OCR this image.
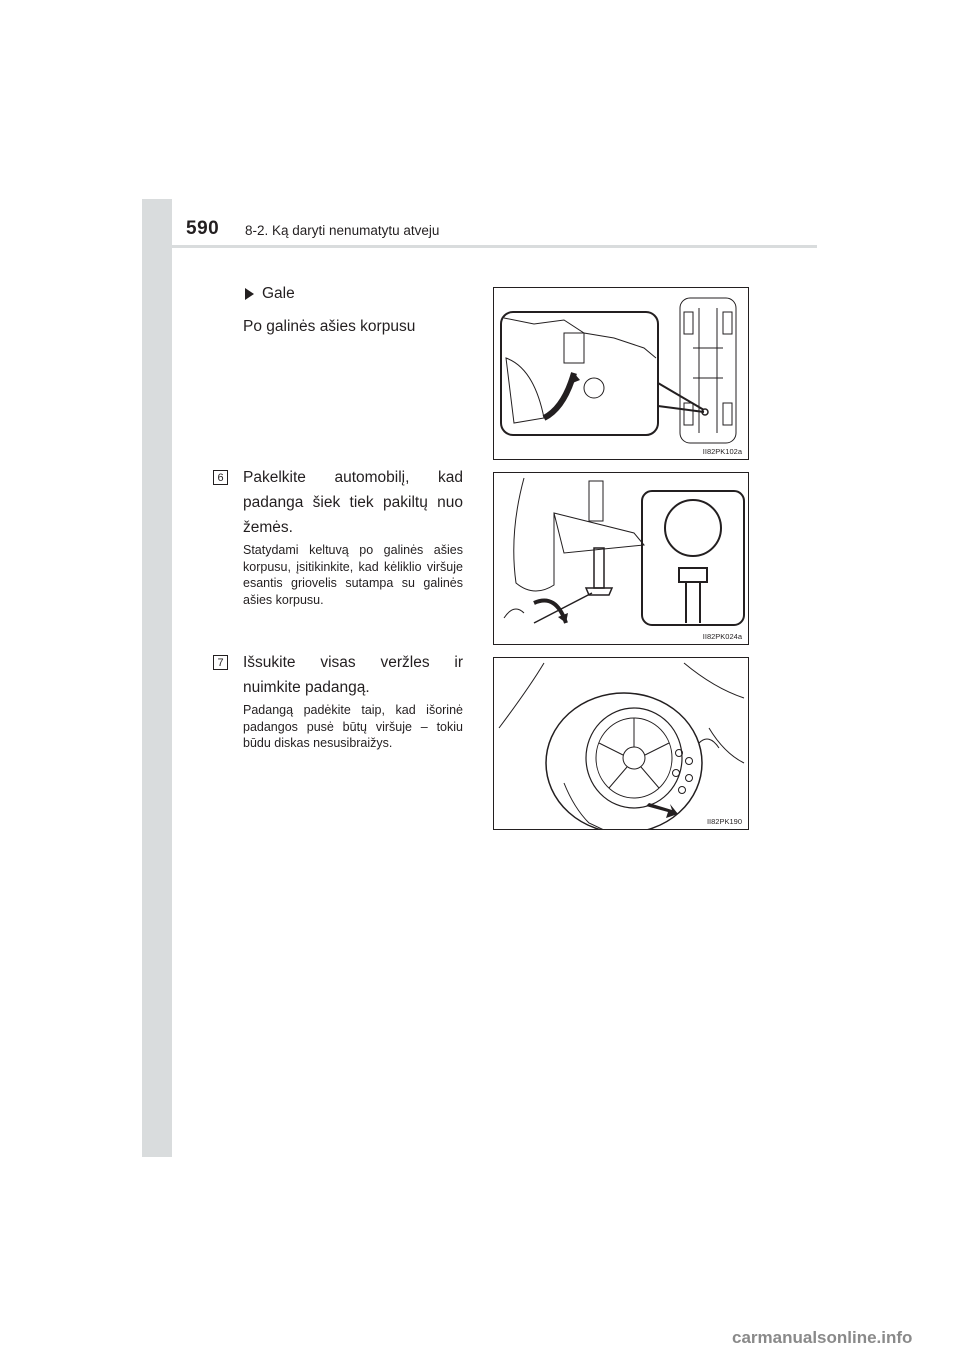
590 8-2. Ką daryti nenumatytu atveju
Gale
Po galinės ašies korpusu
II82PK102a
6 Pakelkite automobilį, kad padanga šiek tiek pakiltų nuo žemės.
Statydami keltuvą po galinės ašies korpusu, įsitikinkite, kad kėliklio viršuje esantis griovelis sutampa su galinės ašies korpusu.
II82PK024a
7 Išsukite visas veržles ir nuimkite padangą.
Padangą padėkite taip, kad išorinė padangos pusė būtų viršuje – tokiu būdu diskas nesusibraižys.
II82PK190
carmanualsonline.info
